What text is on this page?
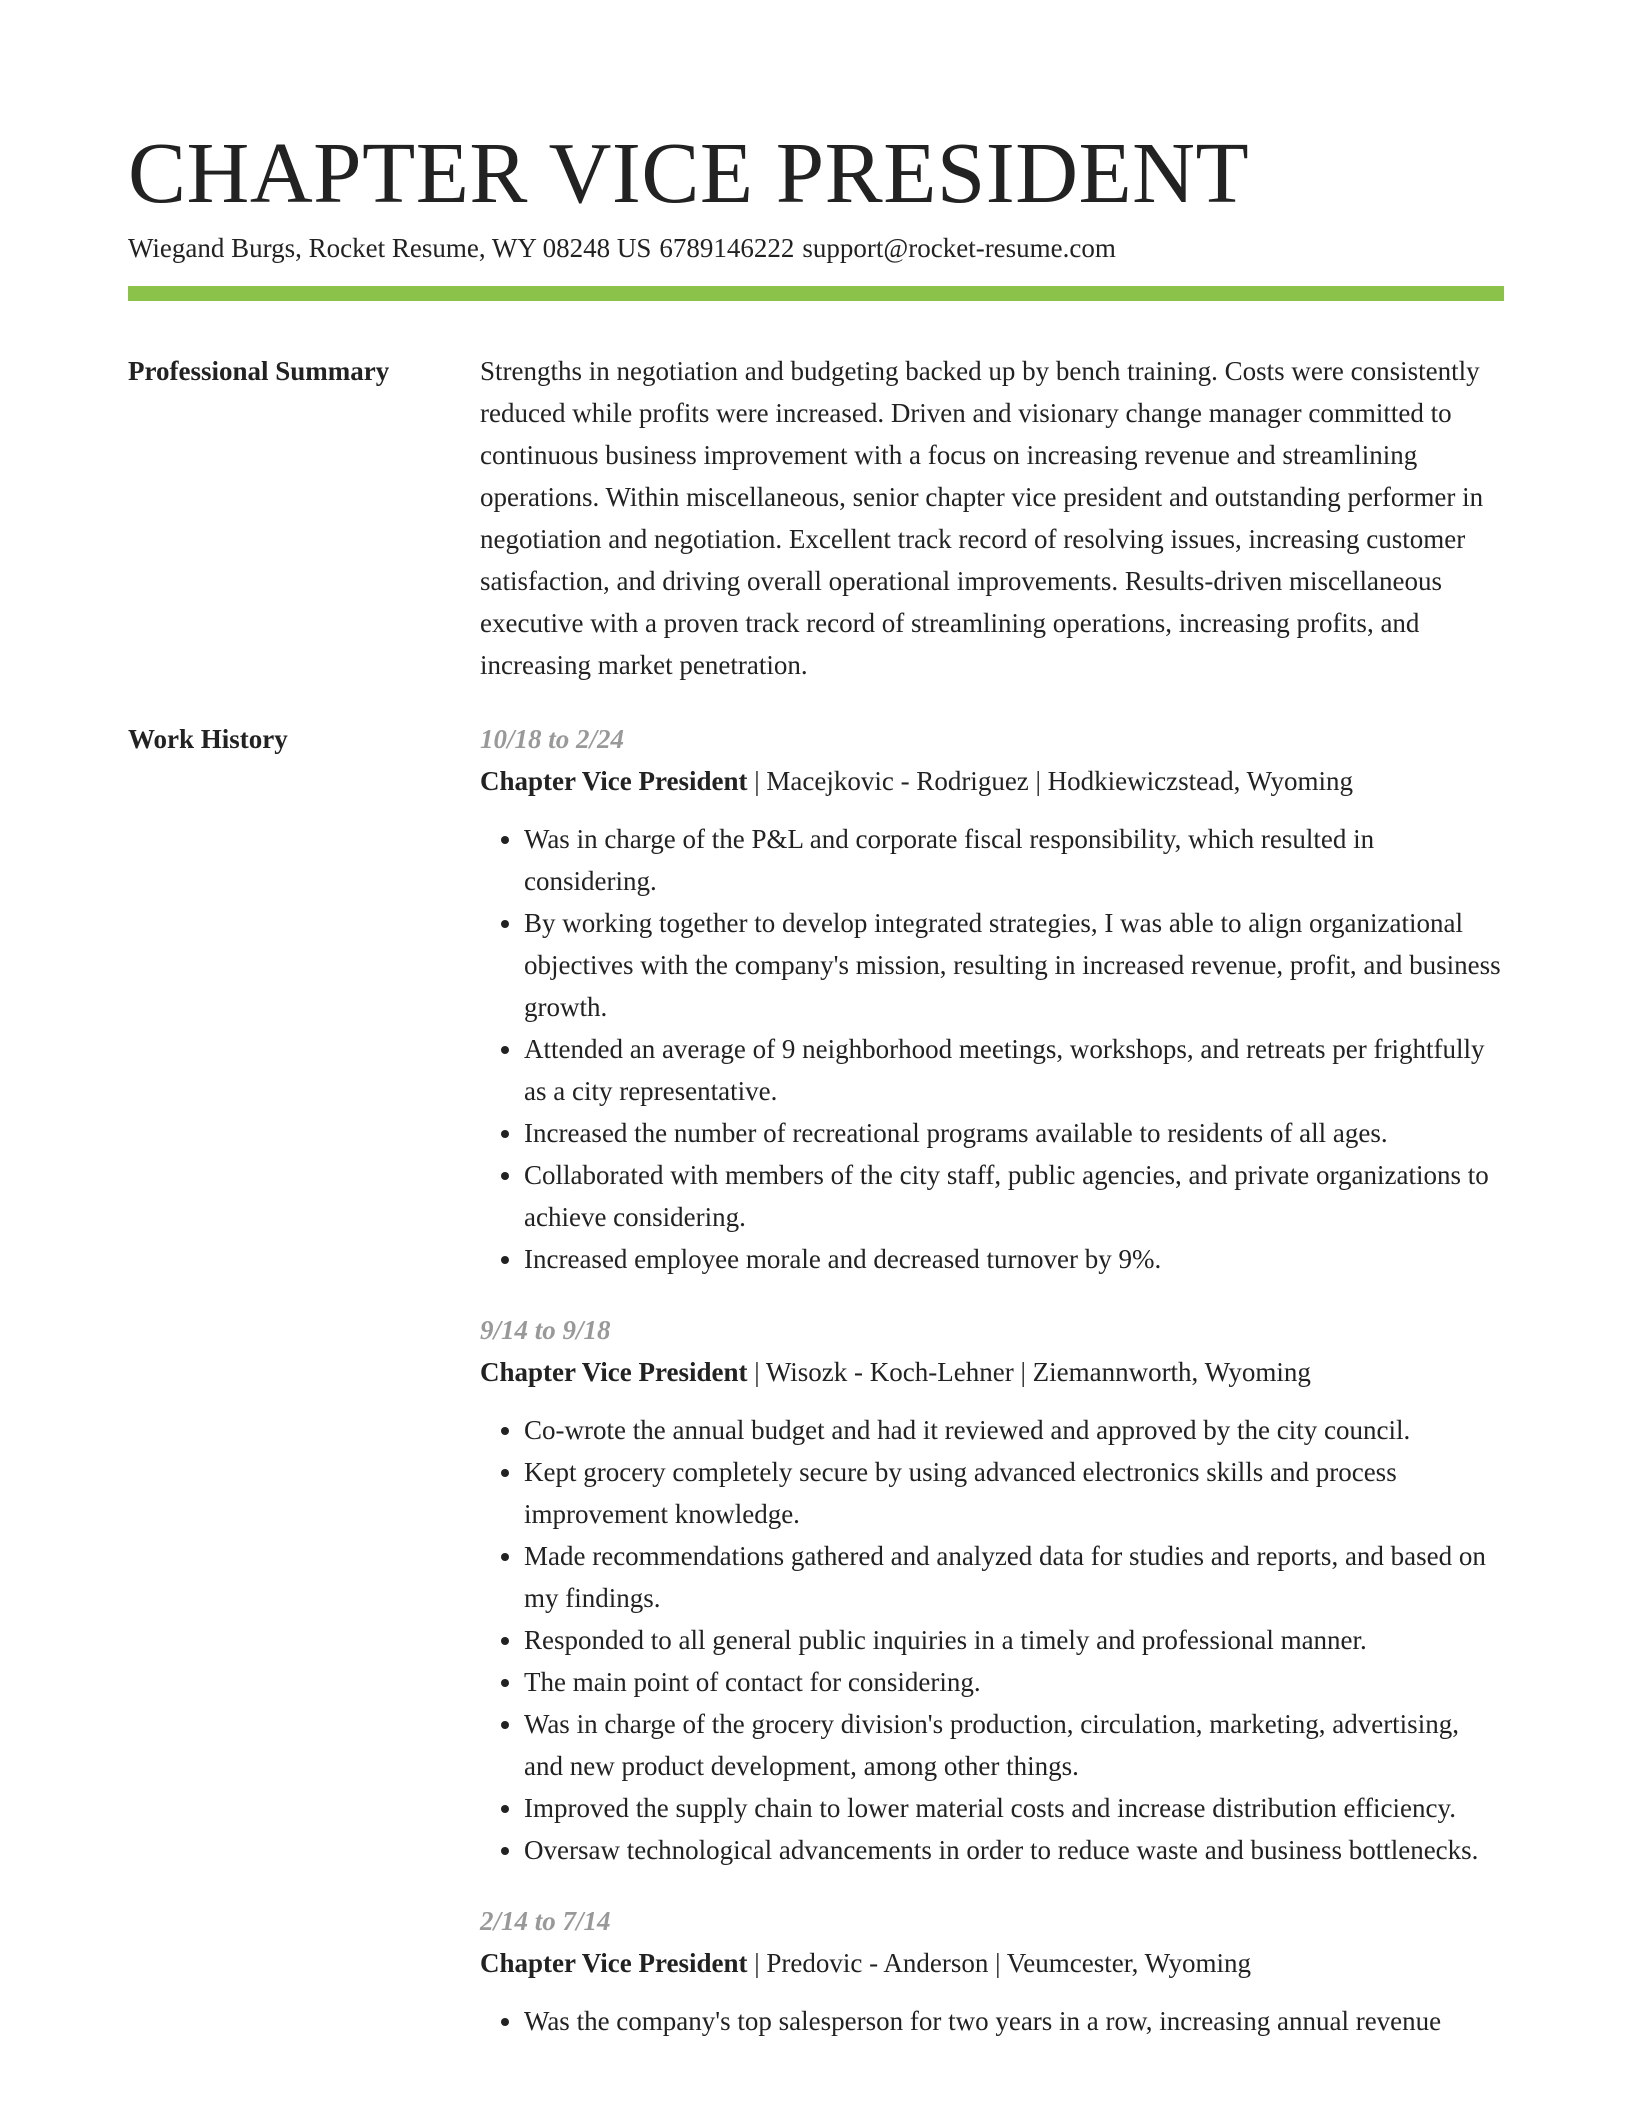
CHAPTER VICE PRESIDENT
Wiegand Burgs, Rocket Resume, WY 08248 US 6789146222 support@rocket-resume.com
Professional Summary	Strengths in negotiation and budgeting backed up by bench training. Costs were consistently reduced while profits were increased. Driven and visionary change manager committed to continuous business improvement with a focus on increasing revenue and streamlining operations. Within miscellaneous, senior chapter vice president and outstanding performer in negotiation and negotiation. Excellent track record of resolving issues, increasing customer satisfaction, and driving overall operational improvements. Results-driven miscellaneous executive with a proven track record of streamlining operations, increasing profits, and increasing market penetration.

Work History	10/18 to 2/24
Chapter Vice President | Macejkovic - Rodriguez | Hodkiewiczstead, Wyoming
• Was in charge of the P&L and corporate fiscal responsibility, which resulted in considering.
• By working together to develop integrated strategies, I was able to align organizational objectives with the company's mission, resulting in increased revenue, profit, and business growth.
• Attended an average of 9 neighborhood meetings, workshops, and retreats per frightfully as a city representative.
• Increased the number of recreational programs available to residents of all ages.
• Collaborated with members of the city staff, public agencies, and private organizations to achieve considering.
• Increased employee morale and decreased turnover by 9%.
9/14 to 9/18
Chapter Vice President | Wisozk - Koch-Lehner | Ziemannworth, Wyoming
• Co-wrote the annual budget and had it reviewed and approved by the city council.
• Kept grocery completely secure by using advanced electronics skills and process improvement knowledge.
• Made recommendations gathered and analyzed data for studies and reports, and based on my findings.
• Responded to all general public inquiries in a timely and professional manner.
• The main point of contact for considering.
• Was in charge of the grocery division's production, circulation, marketing, advertising, and new product development, among other things.
• Improved the supply chain to lower material costs and increase distribution efficiency.
• Oversaw technological advancements in order to reduce waste and business bottlenecks.
2/14 to 7/14
Chapter Vice President | Predovic - Anderson | Veumcester, Wyoming
• Was the company's top salesperson for two years in a row, increasing annual revenue
